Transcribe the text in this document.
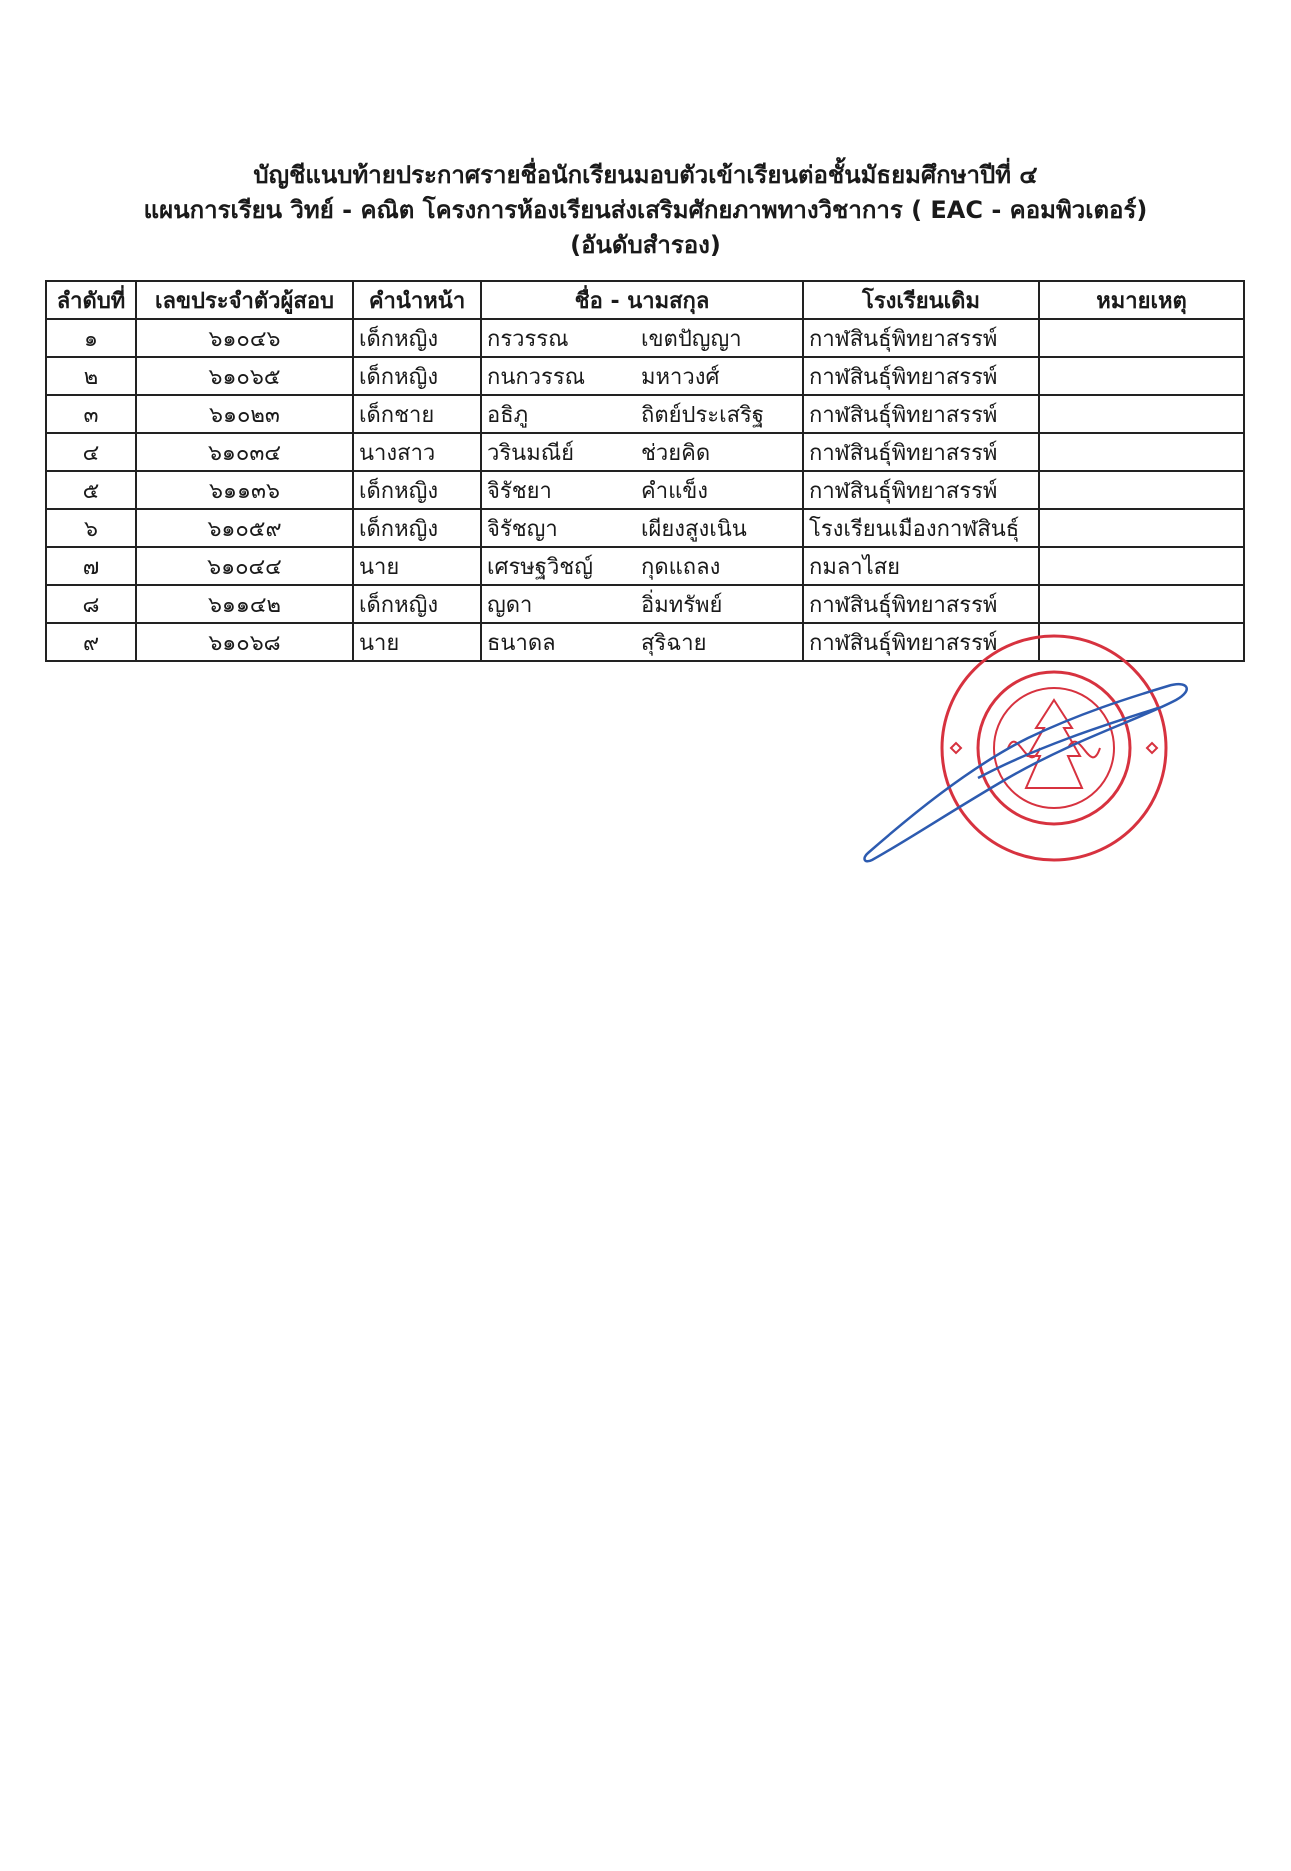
บัญชีแนบท้ายประกาศรายชื่อนักเรียนมอบตัวเข้าเรียนต่อชั้นมัธยมศึกษาปีที่ ๔
แผนการเรียน วิทย์ - คณิต โครงการห้องเรียนส่งเสริมศักยภาพทางวิชาการ ( EAC - คอมพิวเตอร์)
(อันดับสำรอง)
ลำดับที่	เลขประจำตัวผู้สอบ	คำนำหน้า	ชื่อ - นามสกุล		โรงเรียนเดิม	หมายเหตุ
๑	๖๑๐๔๖	เด็กหญิง	กรวรรณ	เขตปัญญา	กาฬสินธุ์พิทยาสรรพ์	
๒	๖๑๐๖๕	เด็กหญิง	กนกวรรณ	มหาวงศ์	กาฬสินธุ์พิทยาสรรพ์	
๓	๖๑๐๒๓	เด็กชาย	อธิภู	ถิตย์ประเสริฐ	กาฬสินธุ์พิทยาสรรพ์	
๔	๖๑๐๓๔	นางสาว	วรินมณีย์	ช่วยคิด	กาฬสินธุ์พิทยาสรรพ์	
๕	๖๑๑๓๖	เด็กหญิง	จิรัชยา	คำแข็ง	กาฬสินธุ์พิทยาสรรพ์	
๖	๖๑๐๕๙	เด็กหญิง	จิรัชญา	เผียงสูงเนิน	โรงเรียนเมืองกาฬสินธุ์	
๗	๖๑๐๔๔	นาย	เศรษฐวิชญ์	กุดแถลง	กมลาไสย	
๘	๖๑๑๔๒	เด็กหญิง	ญดา	อิ่มทรัพย์	กาฬสินธุ์พิทยาสรรพ์	
๙	๖๑๐๖๘	นาย	ธนาดล	สุริฉาย	กาฬสินธุ์พิทยาสรรพ์	
